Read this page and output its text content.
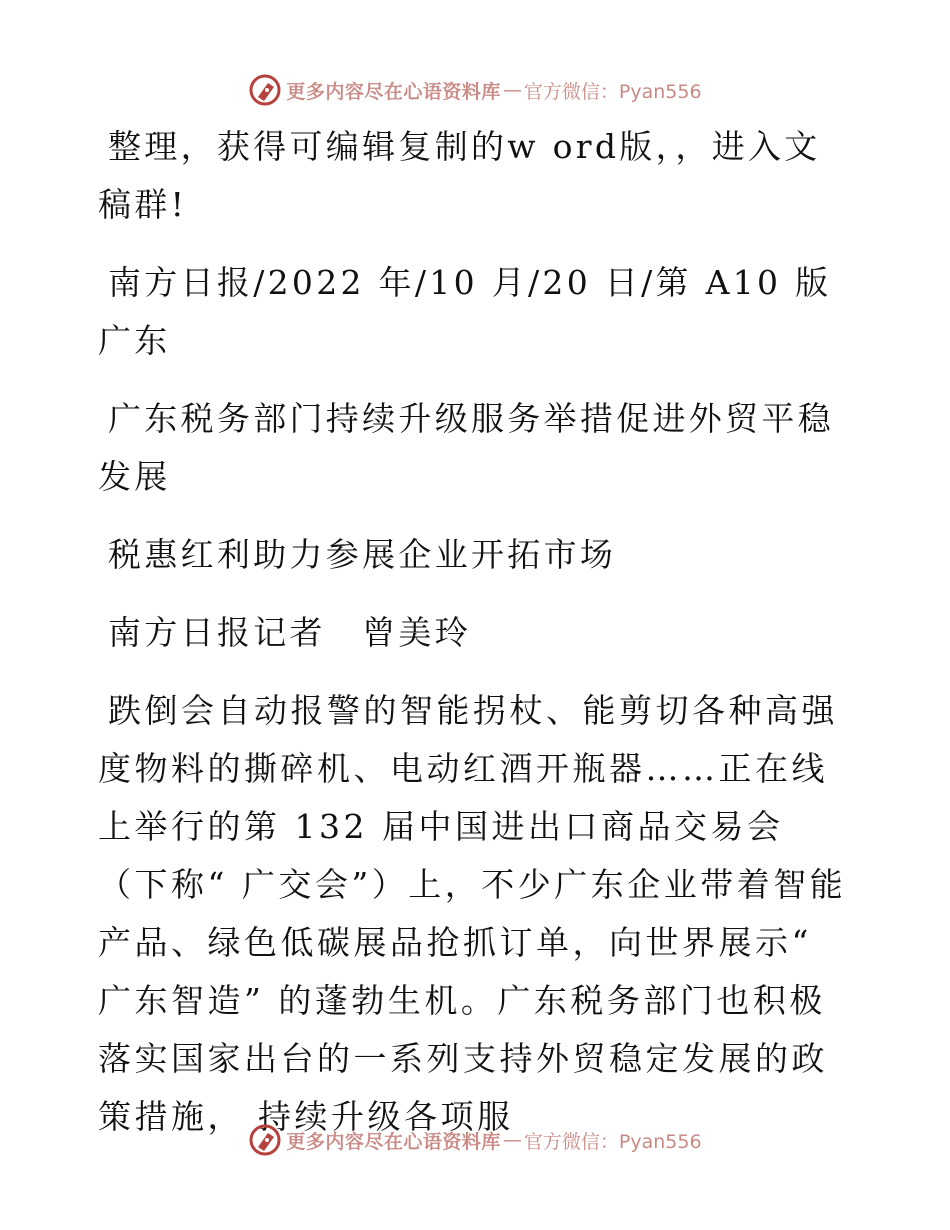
更多内容尽在心语资料库 — 官方微信：Pyan556

整理，获得可编辑复制的w ord版，，进入文稿群!

南方日报/2022 年/10 月/20 日/第 A10 版广东

广东税务部门持续升级服务举措促进外贸平稳发展

税惠红利助力参展企业开拓市场

南方日报记者　曾美玲

跌倒会自动报警的智能拐杖、能剪切各种高强度物料的撕碎机、电动红酒开瓶器……正在线上举行的第 132 届中国进出口商品交易会（下称“ 广交会”）上，不少广东企业带着智能产品、绿色低碳展品抢抓订单，向世界展示“ 广东智造” 的蓬勃生机。广东税务部门也积极落实国家出台的一系列支持外贸稳定发展的政策措施， 持续升级各项服

更多内容尽在心语资料库 — 官方微信：Pyan556
